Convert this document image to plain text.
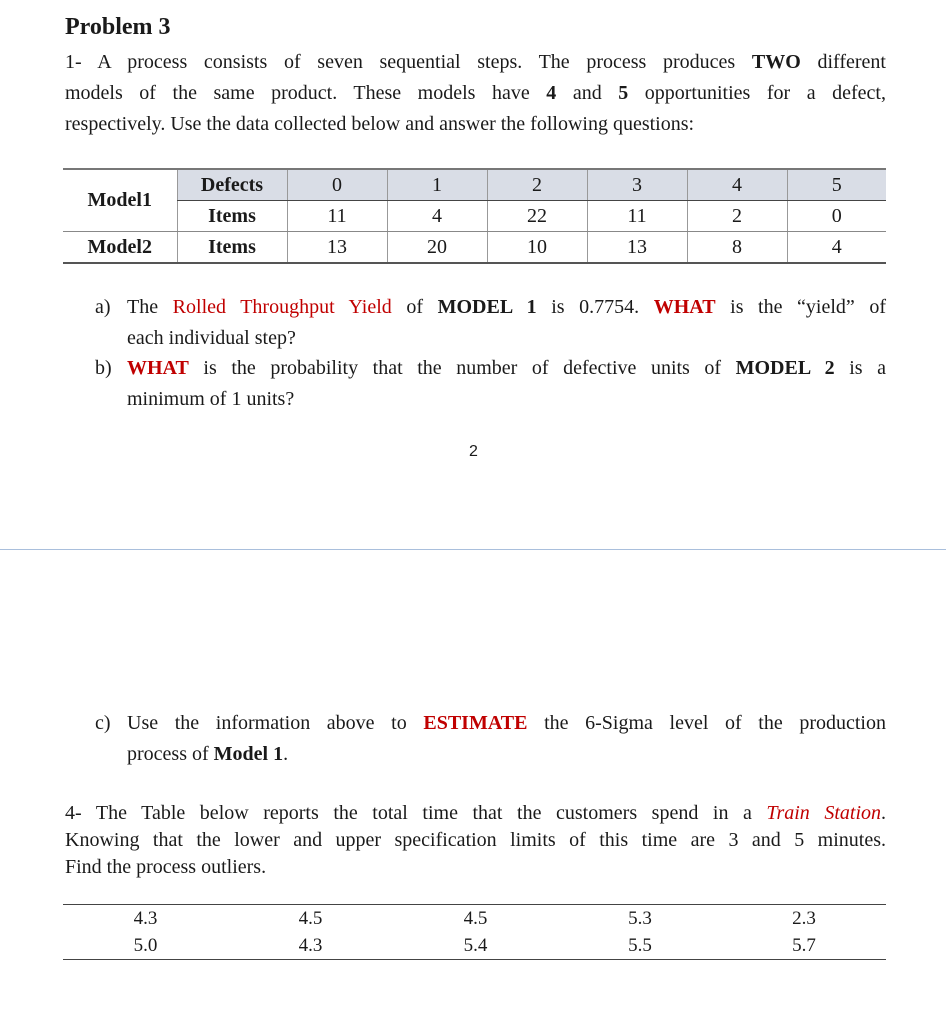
Problem 3
1- A process consists of seven sequential steps. The process produces TWO different
models of the same product. These models have 4 and 5 opportunities for a defect,
respectively. Use the data collected below and answer the following questions:
Model1	Defects	0	1	2	3	4	5
	Items	11	4	22	11	2	0
Model2	Items	13	20	10	13	8	4
a) The Rolled Throughput Yield of MODEL 1 is 0.7754. WHAT is the “yield” of
each individual step?
b) WHAT is the probability that the number of defective units of MODEL 2 is a
minimum of 1 units?
2
c) Use the information above to ESTIMATE the 6-Sigma level of the production
process of Model 1.
4- The Table below reports the total time that the customers spend in a Train Station.
Knowing that the lower and upper specification limits of this time are 3 and 5 minutes.
Find the process outliers.
4.3	4.5	4.5	5.3	2.3
5.0	4.3	5.4	5.5	5.7
